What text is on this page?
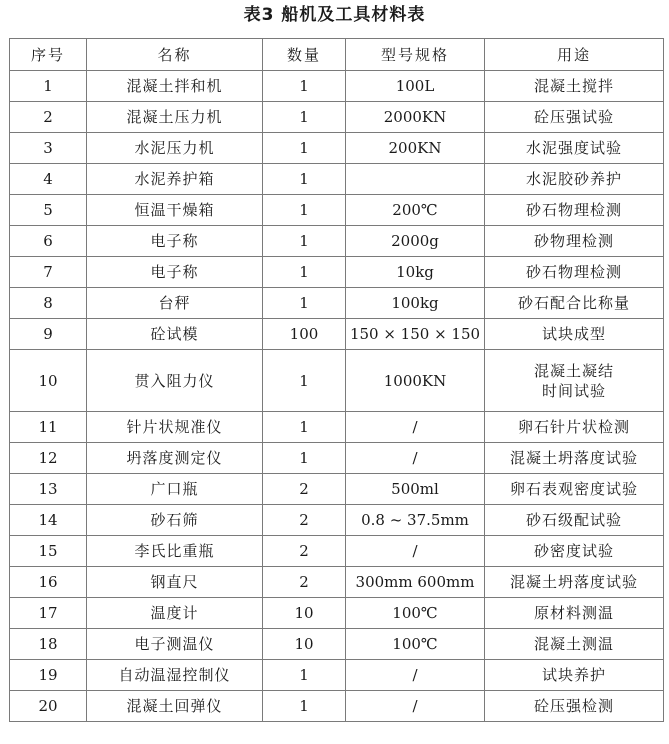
表3 船机及工具材料表
序号	名称	数量	型号规格	用途
1	混凝土拌和机	1	100L	混凝土搅拌

2	混凝土压力机	1	2000KN	砼压强试验

3	水泥压力机	1	200KN	水泥强度试验

4	水泥养护箱	1		水泥胶砂养护

5	恒温干燥箱	1	200℃	砂石物理检测

6	电子称	1	2000g	砂物理检测

7	电子称	1	10kg	砂石物理检测

8	台秤	1	100kg	砂石配合比称量

9	砼试模	100	150 × 150 × 150	试块成型

10	贯入阻力仪	1	1000KN	混凝土凝结
时间试验

11	针片状规准仪	1	/	卵石针片状检测

12	坍落度测定仪	1	/	混凝土坍落度试验

13	广口瓶	2	500ml	卵石表观密度试验

14	砂石筛	2	0.8 ~ 37.5mm	砂石级配试验

15	李氏比重瓶	2	/	砂密度试验

16	钢直尺	2	300mm 600mm	混凝土坍落度试验

17	温度计	10	100℃	原材料测温

18	电子测温仪	10	100℃	混凝土测温

19	自动温湿控制仪	1	/	试块养护

20	混凝土回弹仪	1	/	砼压强检测
